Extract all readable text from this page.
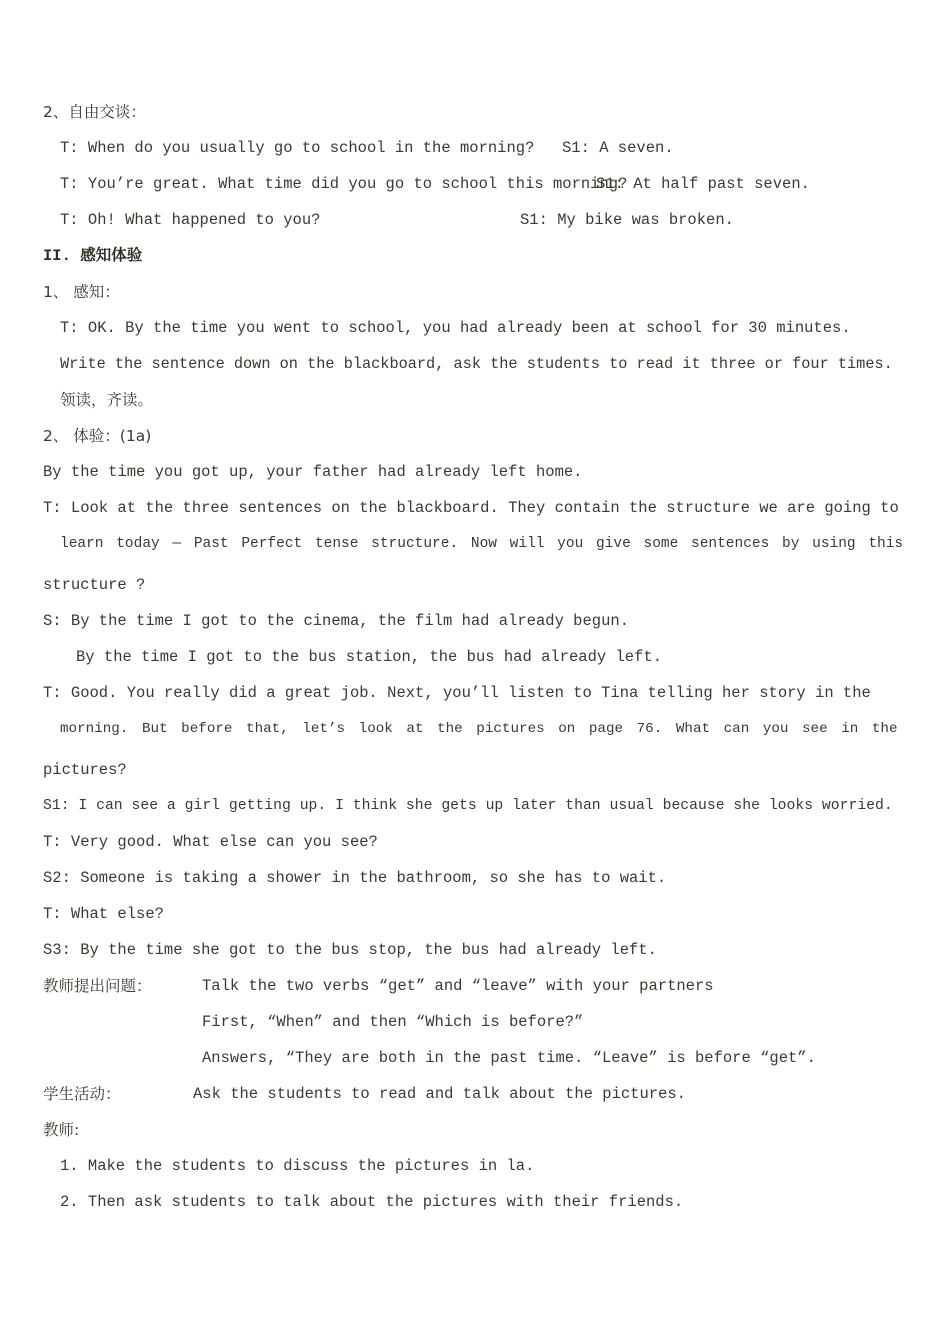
2、自由交谈：
T: When do you usually go to school in the morning? S1: A seven.
T: You’re great. What time did you go to school this morning?
S1: At half past seven.
T: Oh! What happened to you?	S1: My bike was broken.
II. 感知体验
1、 感知：
T: OK. By the time you went to school, you had already been at school for 30 minutes.
Write the sentence down on the blackboard, ask the students to read it three or four times.
领读，齐读。
2、 体验：(1a)
By the time you got up, your father had already left home.
T: Look at the three sentences on the blackboard. They contain the structure we are going to
learn today — Past Perfect tense structure. Now will you give some sentences by using this
structure ?
S: By the time I got to the cinema, the film had already begun.
By the time I got to the bus station, the bus had already left.
T: Good. You really did a great job. Next, you’ll listen to Tina telling her story in the
morning. But before that, let’s look at the pictures on page 76. What can you see in the
pictures?
S1: I can see a girl getting up. I think she gets up later than usual because she looks worried.
T: Very good. What else can you see?
S2: Someone is taking a shower in the bathroom, so she has to wait.
T: What else?
S3: By the time she got to the bus stop, the bus had already left.
教师提出问题：	Talk the two verbs “get” and “leave” with your partners
First, “When” and then “Which is before?”
Answers, “They are both in the past time. “Leave” is before “get”.
学生活动：	Ask the students to read and talk about the pictures.
教师:
1. Make the students to discuss the pictures in la.
2. Then ask students to talk about the pictures with their friends.
